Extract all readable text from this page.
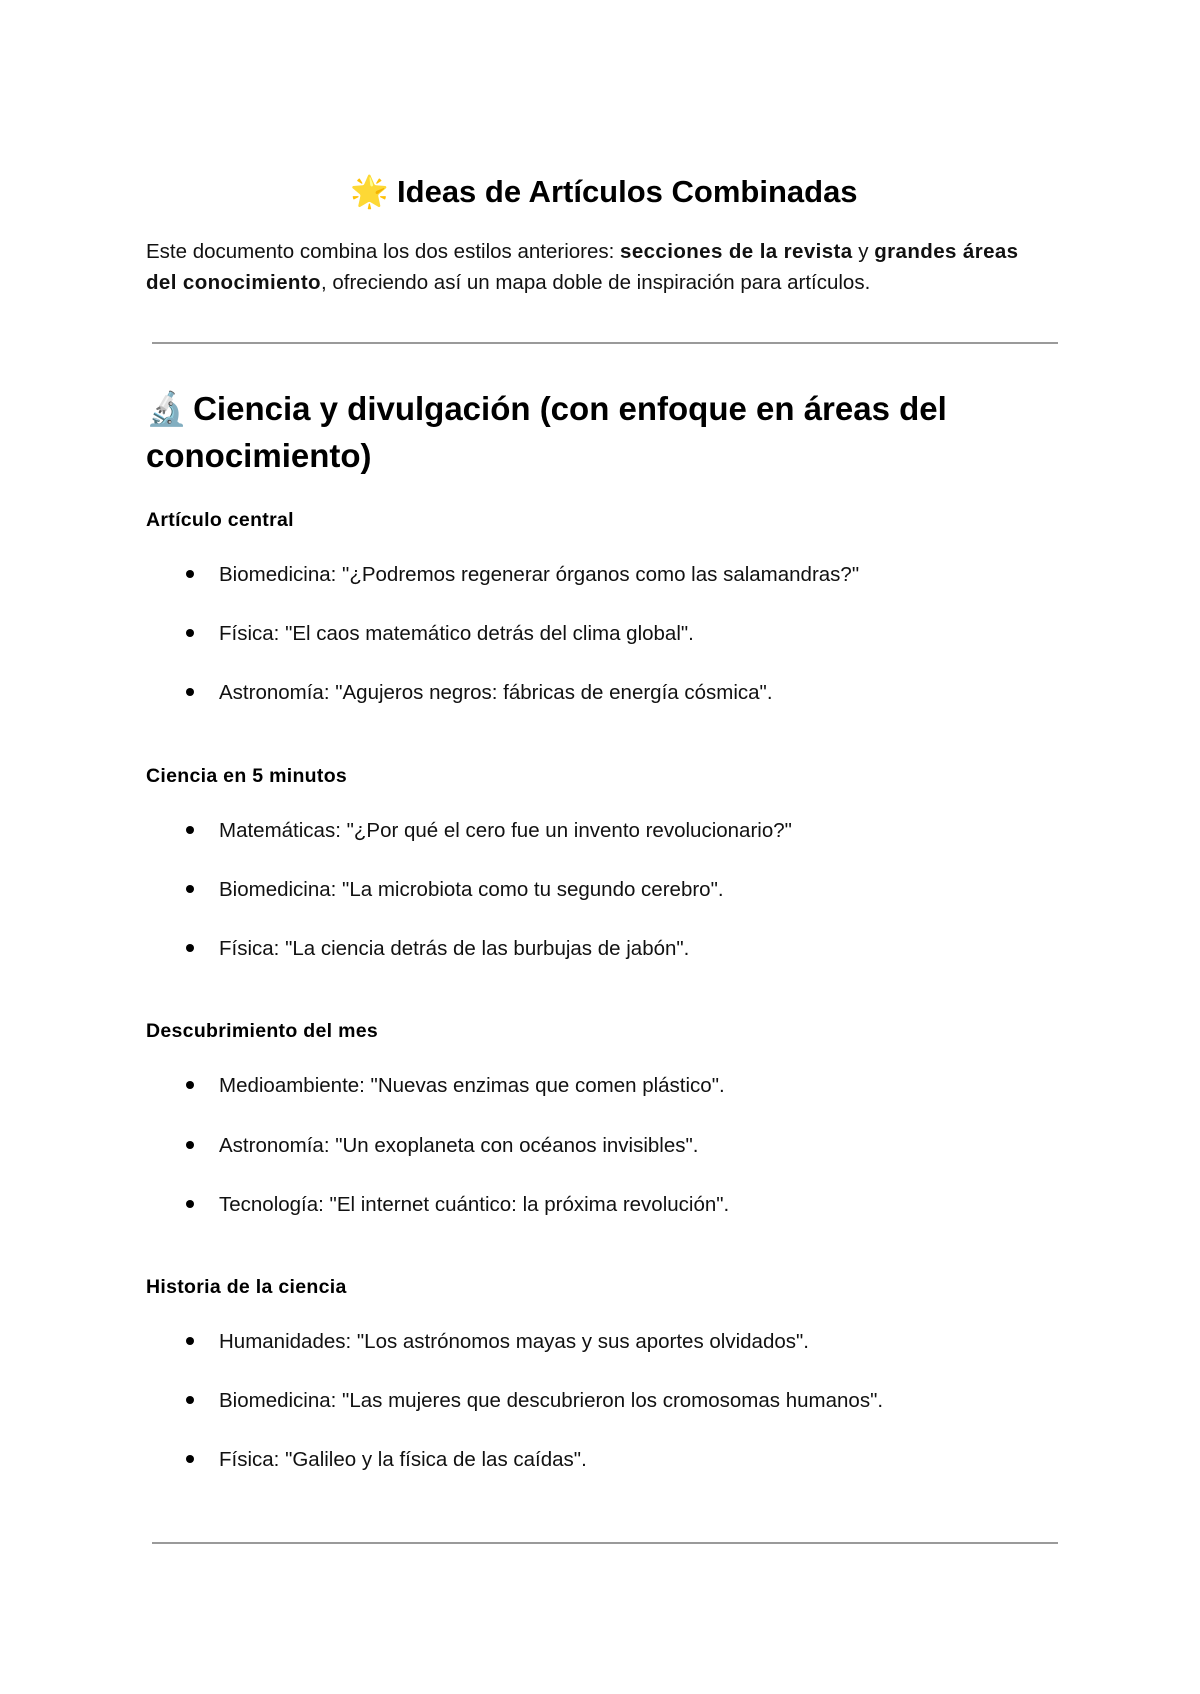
🌟 Ideas de Artículos Combinadas

Este documento combina los dos estilos anteriores: secciones de la revista y grandes áreas del conocimiento, ofreciendo así un mapa doble de inspiración para artículos.

🔬 Ciencia y divulgación (con enfoque en áreas del conocimiento)
Artículo central

Biomedicina: "¿Podremos regenerar órganos como las salamandras?"

Física: "El caos matemático detrás del clima global".

Astronomía: "Agujeros negros: fábricas de energía cósmica".

Ciencia en 5 minutos

Matemáticas: "¿Por qué el cero fue un invento revolucionario?"

Biomedicina: "La microbiota como tu segundo cerebro".

Física: "La ciencia detrás de las burbujas de jabón".

Descubrimiento del mes

Medioambiente: "Nuevas enzimas que comen plástico".

Astronomía: "Un exoplaneta con océanos invisibles".

Tecnología: "El internet cuántico: la próxima revolución".

Historia de la ciencia

Humanidades: "Los astrónomos mayas y sus aportes olvidados".

Biomedicina: "Las mujeres que descubrieron los cromosomas humanos".

Física: "Galileo y la física de las caídas".
